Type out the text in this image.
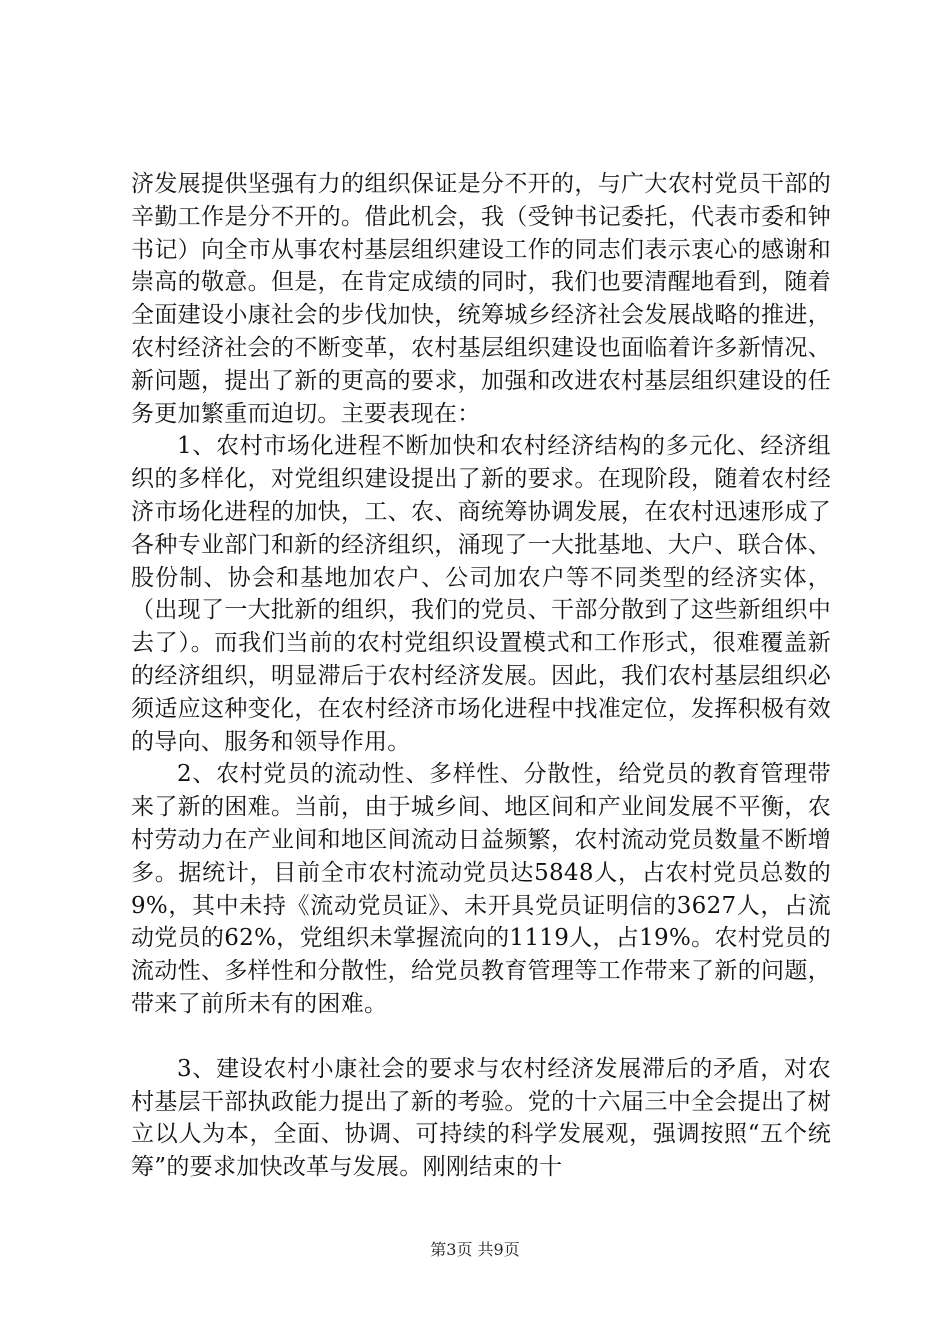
济发展提供坚强有力的组织保证是分不开的，与广大农村党员干部的辛勤工作是分不开的。借此机会，我（受钟书记委托，代表市委和钟书记）向全市从事农村基层组织建设工作的同志们表示衷心的感谢和崇高的敬意。但是，在肯定成绩的同时，我们也要清醒地看到，随着全面建设小康社会的步伐加快，统筹城乡经济社会发展战略的推进，农村经济社会的不断变革，农村基层组织建设也面临着许多新情况、新问题，提出了新的更高的要求，加强和改进农村基层组织建设的任务更加繁重而迫切。主要表现在：

1、农村市场化进程不断加快和农村经济结构的多元化、经济组织的多样化，对党组织建设提出了新的要求。在现阶段，随着农村经济市场化进程的加快，工、农、商统筹协调发展，在农村迅速形成了各种专业部门和新的经济组织，涌现了一大批基地、大户、联合体、股份制、协会和基地加农户、公司加农户等不同类型的经济实体，（出现了一大批新的组织，我们的党员、干部分散到了这些新组织中去了）。而我们当前的农村党组织设置模式和工作形式，很难覆盖新的经济组织，明显滞后于农村经济发展。因此，我们农村基层组织必须适应这种变化，在农村经济市场化进程中找准定位，发挥积极有效的导向、服务和领导作用。

2、农村党员的流动性、多样性、分散性，给党员的教育管理带来了新的困难。当前，由于城乡间、地区间和产业间发展不平衡，农村劳动力在产业间和地区间流动日益频繁，农村流动党员数量不断增多。据统计，目前全市农村流动党员达5848人，占农村党员总数的9%，其中未持《流动党员证》、未开具党员证明信的3627人，占流动党员的62%，党组织未掌握流向的1119人，占19%。农村党员的流动性、多样性和分散性，给党员教育管理等工作带来了新的问题，带来了前所未有的困难。

3、建设农村小康社会的要求与农村经济发展滞后的矛盾，对农村基层干部执政能力提出了新的考验。党的十六届三中全会提出了树立以人为本，全面、协调、可持续的科学发展观，强调按照“五个统筹”的要求加快改革与发展。刚刚结束的十

第3页 共9页
